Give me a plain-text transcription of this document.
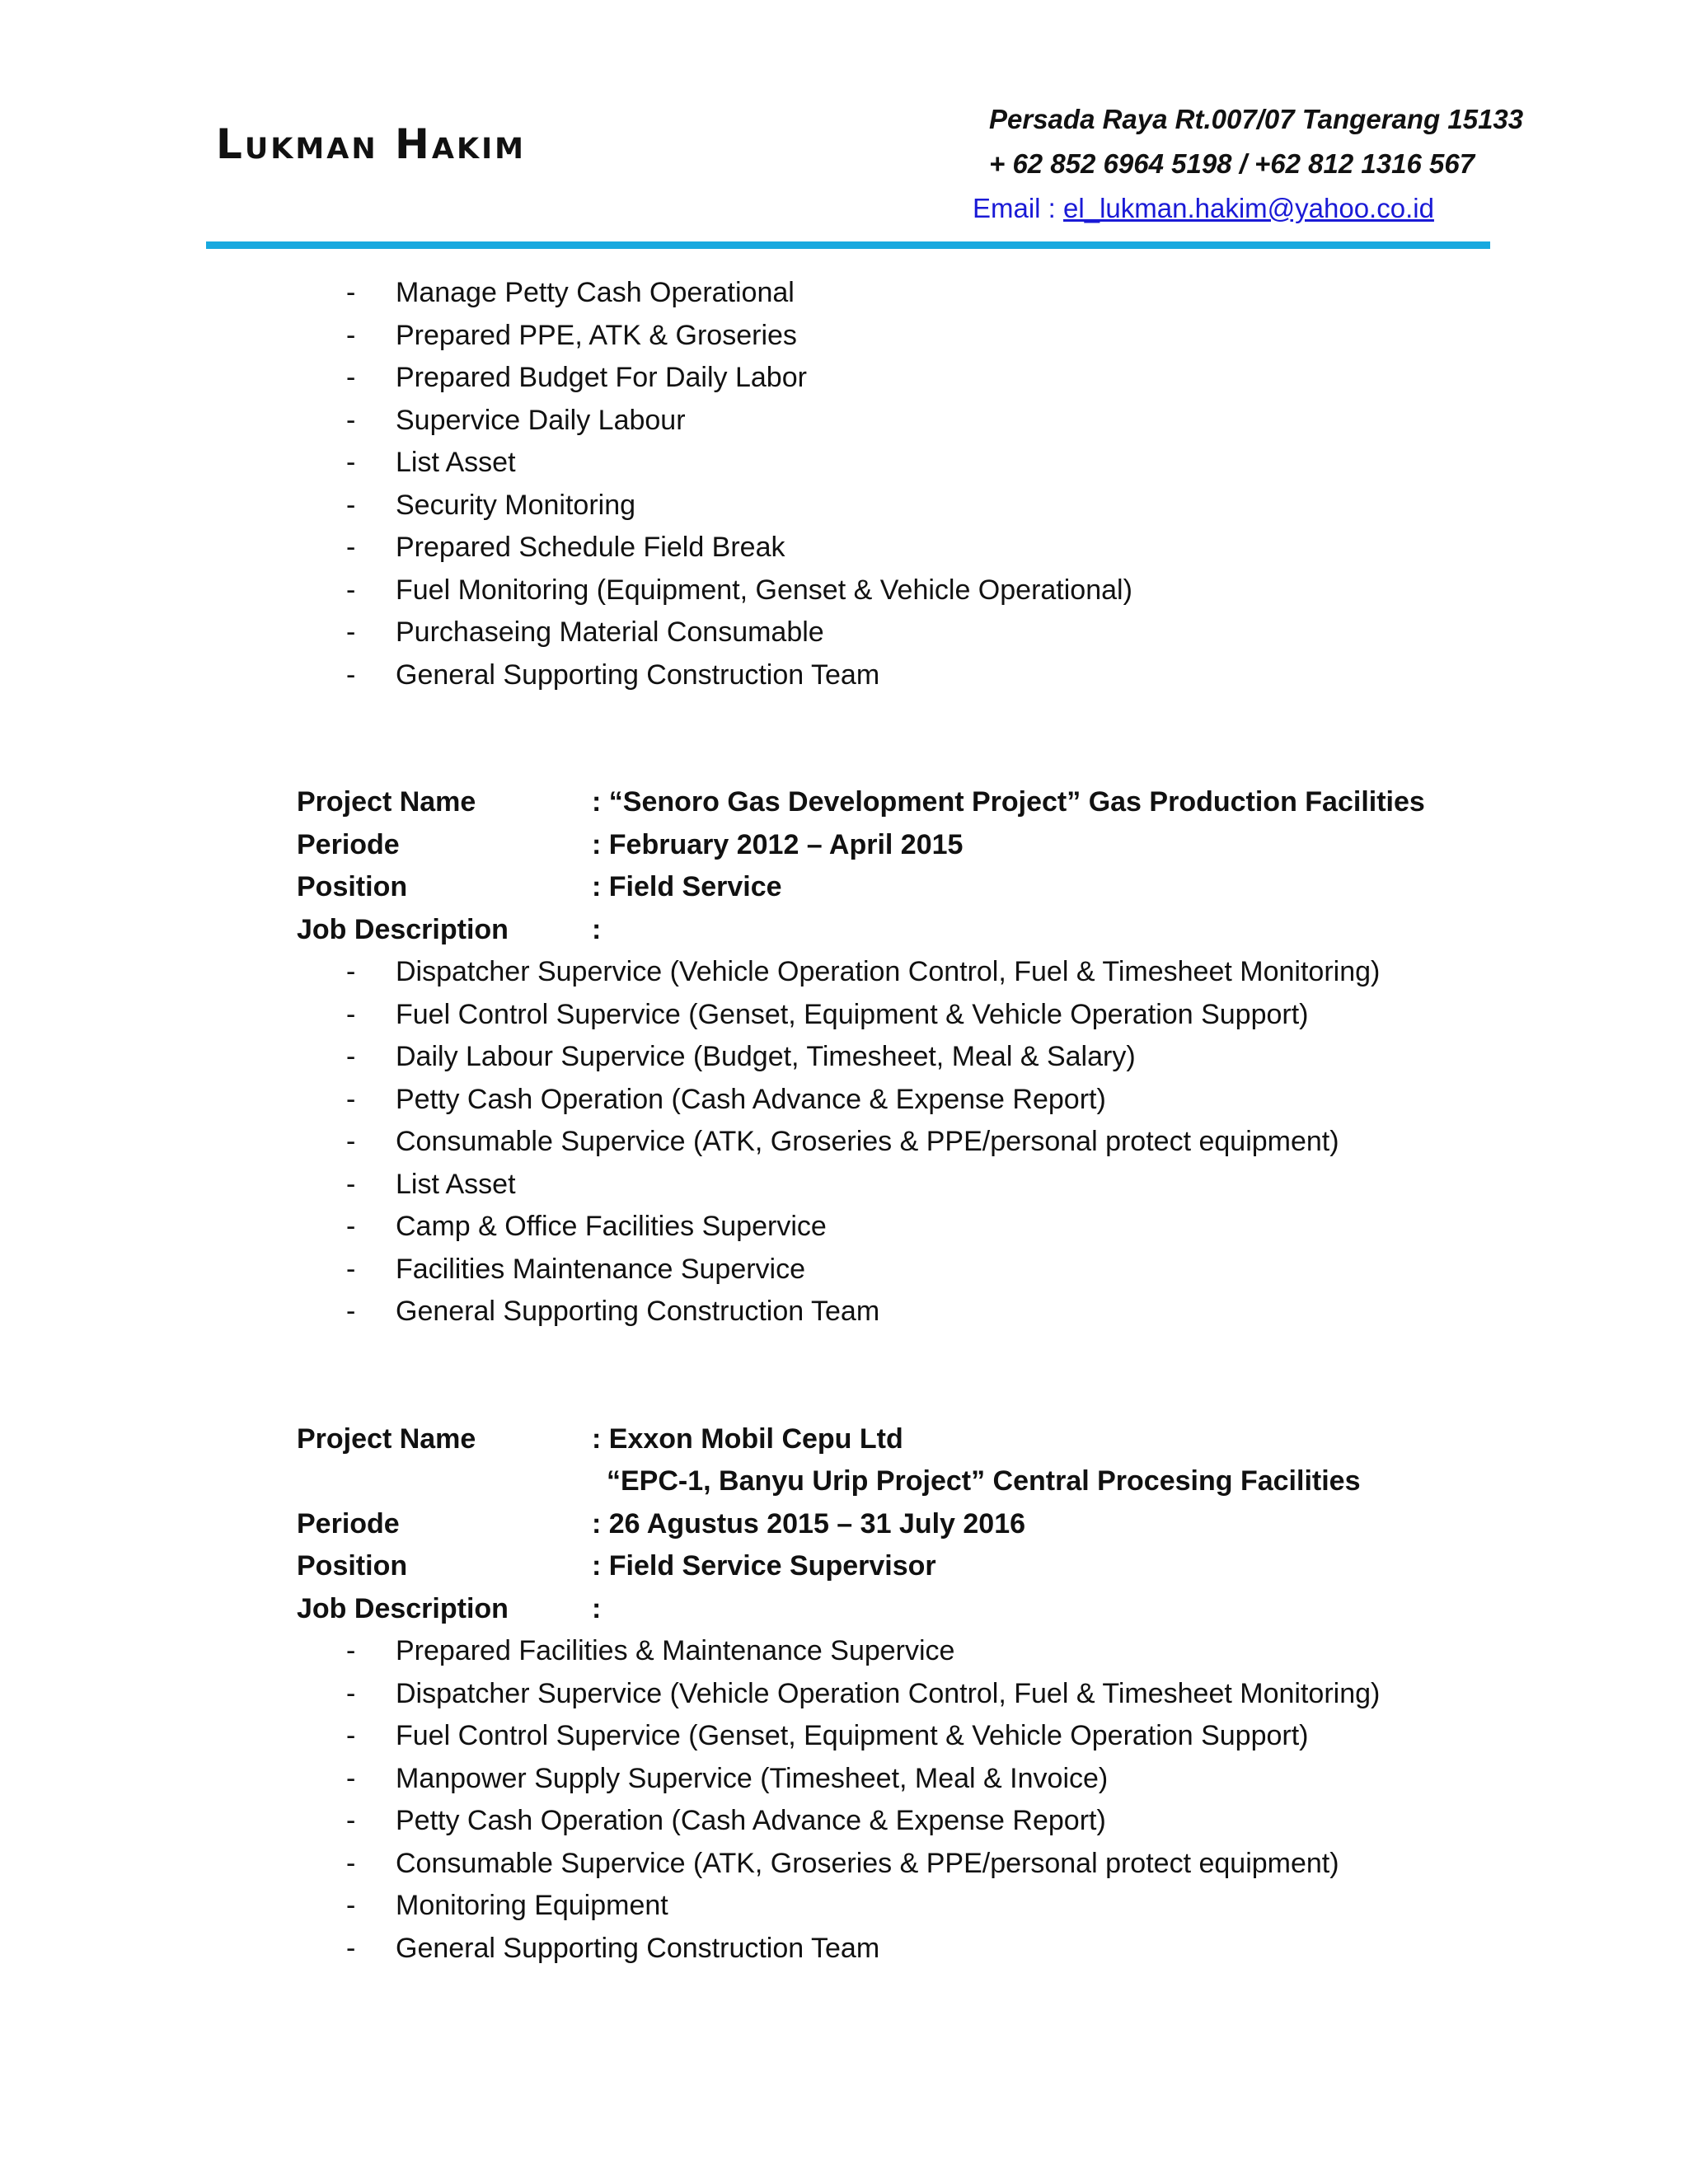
Lukman Hakim
Persada Raya Rt.007/07 Tangerang 15133
+ 62 852 6964 5198 / +62 812 1316 567
Email : el_lukman.hakim@yahoo.co.id
- Manage Petty Cash Operational
- Prepared PPE, ATK & Groseries
- Prepared Budget For Daily Labor
- Supervice Daily Labour
- List Asset
- Security Monitoring
- Prepared Schedule Field Break
- Fuel Monitoring (Equipment, Genset & Vehicle Operational)
- Purchaseing Material Consumable
- General Supporting Construction Team
Project Name	: “Senoro Gas Development Project” Gas Production Facilities
Periode	: February 2012 – April 2015
Position	: Field Service
Job Description	:
- Dispatcher Supervice (Vehicle Operation Control, Fuel & Timesheet Monitoring)
- Fuel Control Supervice (Genset, Equipment & Vehicle Operation Support)
- Daily Labour Supervice (Budget, Timesheet, Meal & Salary)
- Petty Cash Operation (Cash Advance & Expense Report)
- Consumable Supervice (ATK, Groseries & PPE/personal protect equipment)
- List Asset
- Camp & Office Facilities Supervice
- Facilities Maintenance Supervice
- General Supporting Construction Team
Project Name	: Exxon Mobil Cepu Ltd
“EPC-1, Banyu Urip Project” Central Procesing Facilities
Periode	: 26 Agustus 2015 – 31 July 2016
Position	: Field Service Supervisor
Job Description	:
- Prepared Facilities & Maintenance Supervice
- Dispatcher Supervice (Vehicle Operation Control, Fuel & Timesheet Monitoring)
- Fuel Control Supervice (Genset, Equipment & Vehicle Operation Support)
- Manpower Supply Supervice (Timesheet, Meal & Invoice)
- Petty Cash Operation (Cash Advance & Expense Report)
- Consumable Supervice (ATK, Groseries & PPE/personal protect equipment)
- Monitoring Equipment
- General Supporting Construction Team
